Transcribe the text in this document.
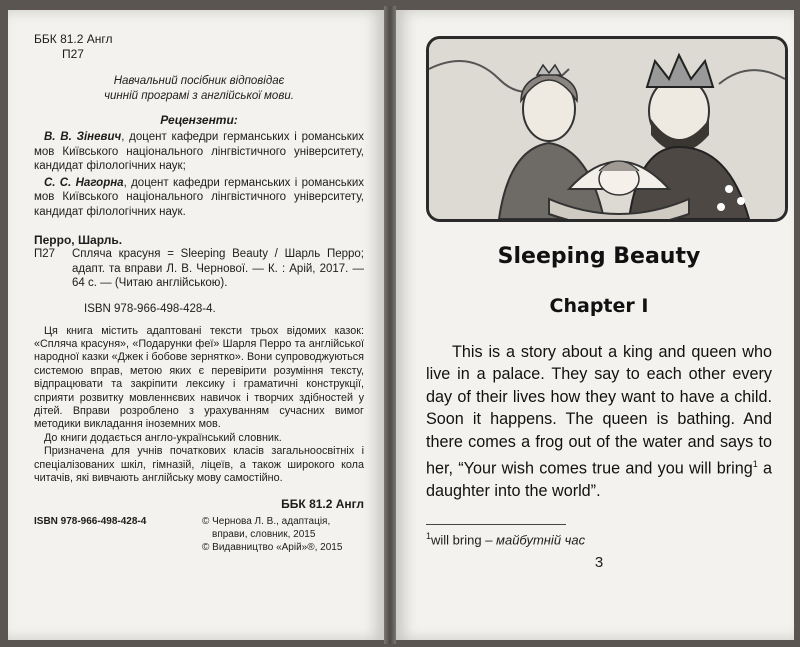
ББК 81.2 Англ
П27

Навчальний посібник відповідає
чинній програмі з англійської мови.

Рецензенти:

В. В. Зіневич, доцент кафедри германських і романських мов Київського національного лінгвістичного університету, кандидат філологічних наук;

С. С. Нагорна, доцент кафедри германських і романських мов Київського національного лінгвістичного університету, кандидат філологічних наук.

Перро, Шарль.
П27	Спляча красуня = Sleeping Beauty / Шарль Перро; адапт. та вправи Л. В. Чернової. — К. : Арій, 2017. — 64 с. — (Читаю англійською).
ISBN 978-966-498-428-4.

Ця книга містить адаптовані тексти трьох відомих казок: «Спляча красуня», «Подарунки феї» Шарля Перро та англійської народної казки «Джек і бобове зернятко». Вони супроводжуються системою вправ, метою яких є перевірити розуміння тексту, відпрацювати та закріпити лексику і граматичні конструкції, сприяти розвитку мовленнєвих навичок і творчих здібностей у дітей. Вправи розроблено з урахуванням сучасних вимог методики викладання іноземних мов.

До книги додається англо-український словник.

Призначена для учнів початкових класів загальноосвітніх і спеціалізованих шкіл, гімназій, ліцеїв, а також широкого кола читачів, які вивчають англійську мову самостійно.

ББК 81.2 Англ
ISBN 978-966-498-428-4	© Чернова Л. В., адаптація,
вправи, словник, 2015
© Видавництво «Арій»®, 2015
Sleeping Beauty
Chapter I

This is a story about a king and queen who live in a palace. They say to each other every day of their lives how they want to have a child. Soon it happens. The queen is bathing. And there comes a frog out of the water and says to her, “Your wish comes true and you will bring$^1$ a daughter into the world”.

$^1$will bring – майбутній час
3
